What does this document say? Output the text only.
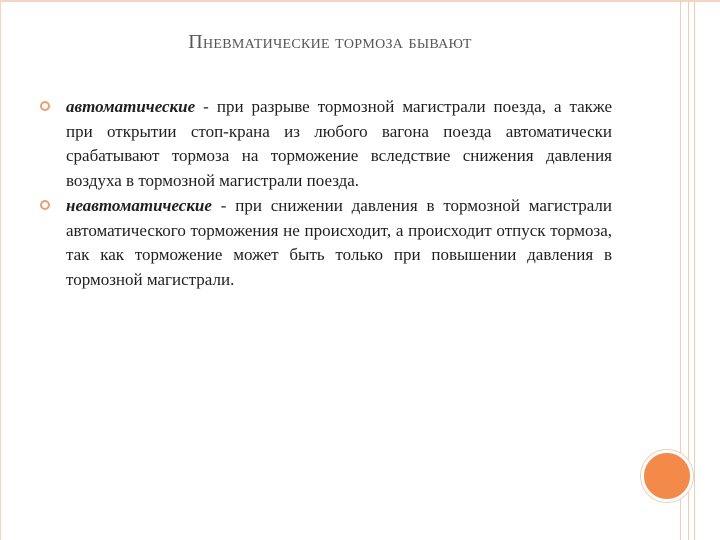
Пневматические тормоза бывают
автоматические - при разрыве тормозной магистрали поезда, а также при открытии стоп-крана из любого вагона поезда автоматически срабатывают тормоза на торможение вследствие снижения давления воздуха в тормозной магистрали поезда.
неавтоматические - при снижении давления в тормозной магистрали автоматического торможения не происходит, а происходит отпуск тормоза, так как торможение может быть только при повышении давления в тормозной магистрали.
